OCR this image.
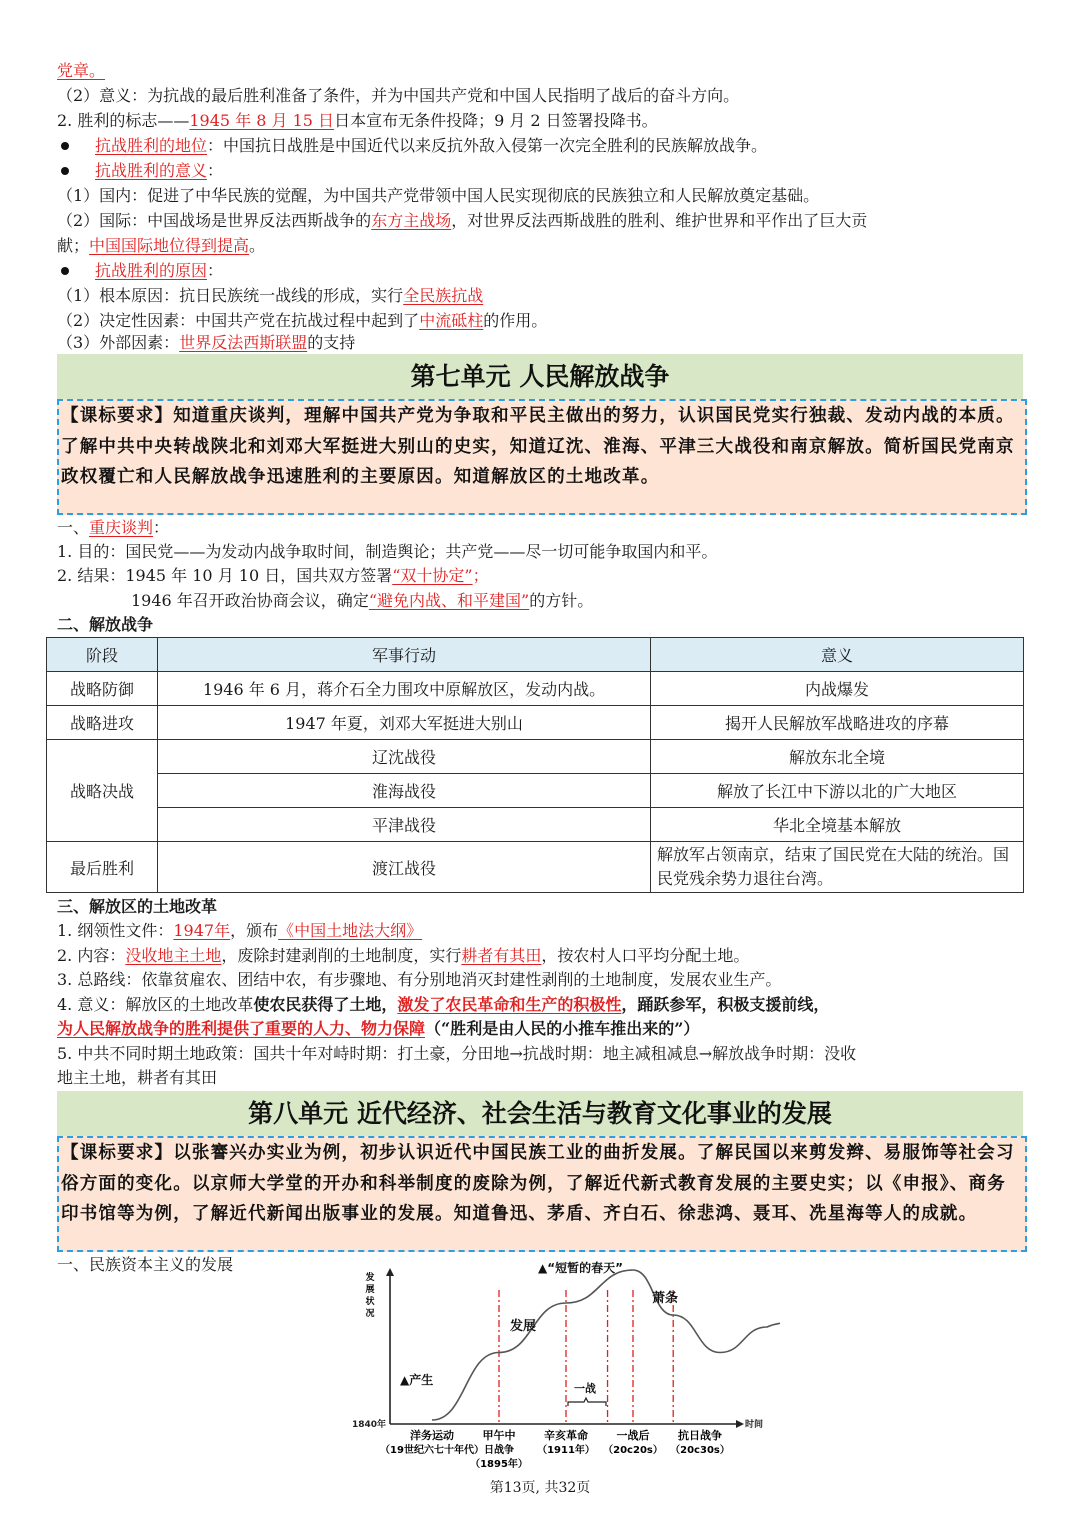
党章。
（2）意义：为抗战的最后胜利准备了条件，并为中国共产党和中国人民指明了战后的奋斗方向。
2. 胜利的标志——1945 年 8 月 15 日日本宣布无条件投降；9 月 2 日签署投降书。
抗战胜利的地位：中国抗日战胜是中国近代以来反抗外敌入侵第一次完全胜利的民族解放战争。
抗战胜利的意义：
（1）国内：促进了中华民族的觉醒，为中国共产党带领中国人民实现彻底的民族独立和人民解放奠定基础。
（2）国际：中国战场是世界反法西斯战争的东方主战场，对世界反法西斯战胜的胜利、维护世界和平作出了巨大贡
献；中国国际地位得到提高。
抗战胜利的原因：
（1）根本原因：抗日民族统一战线的形成，实行全民族抗战
（2）决定性因素：中国共产党在抗战过程中起到了中流砥柱的作用。
（3）外部因素：世界反法西斯联盟的支持
第七单元 人民解放战争
【课标要求】知道重庆谈判，理解中国共产党为争取和平民主做出的努力，认识国民党实行独裁、发动内战的本质。了解中共中央转战陕北和刘邓大军挺进大别山的史实，知道辽沈、淮海、平津三大战役和南京解放。简析国民党南京政权覆亡和人民解放战争迅速胜利的主要原因。知道解放区的土地改革。
一、重庆谈判：
1. 目的：国民党——为发动内战争取时间，制造舆论；共产党——尽一切可能争取国内和平。
2. 结果：1945 年 10 月 10 日，国共双方签署“双十协定”；
1946 年召开政治协商会议，确定“避免内战、和平建国”的方针。
二、解放战争
阶段	军事行动	意义
战略防御	1946 年 6 月，蒋介石全力围攻中原解放区，发动内战。	内战爆发
战略进攻	1947 年夏，刘邓大军挺进大别山	揭开人民解放军战略进攻的序幕
战略决战	辽沈战役	解放东北全境
	淮海战役	解放了长江中下游以北的广大地区
	平津战役	华北全境基本解放
最后胜利	渡江战役	解放军占领南京，结束了国民党在大陆的统治。国民党残余势力退往台湾。
三、解放区的土地改革
1. 纲领性文件：1947年，颁布《中国土地法大纲》
2. 内容：没收地主土地，废除封建剥削的土地制度，实行耕者有其田，按农村人口平均分配土地。
3. 总路线：依靠贫雇农、团结中农，有步骤地、有分别地消灭封建性剥削的土地制度，发展农业生产。
4. 意义：解放区的土地改革使农民获得了土地，激发了农民革命和生产的积极性，踊跃参军，积极支援前线，
为人民解放战争的胜利提供了重要的人力、物力保障（“胜利是由人民的小推车推出来的”）
5. 中共不同时期土地政策：国共十年对峙时期：打土豪，分田地→抗战时期：地主减租减息→解放战争时期：没收
地主土地，耕者有其田
第八单元 近代经济、社会生活与教育文化事业的发展
【课标要求】以张謇兴办实业为例，初步认识近代中国民族工业的曲折发展。了解民国以来剪发辫、易服饰等社会习俗方面的变化。以京师大学堂的开办和科举制度的废除为例，了解近代新式教育发展的主要史实；以《申报》、商务印书馆等为例，了解近代新闻出版事业的发展。知道鲁迅、茅盾、齐白石、徐悲鸿、聂耳、冼星海等人的成就。
一、民族资本主义的发展
发
展
状
况
时间
1840年
洋务运动
（19世纪六七十年代）
甲午中
日战争
（1895年）
辛亥革命
（1911年）
一战后
（20c20s）
抗日战争
（20c30s）
▲产生
发展
▲“短暂的春天”
萧条
一战
第13页, 共32页
